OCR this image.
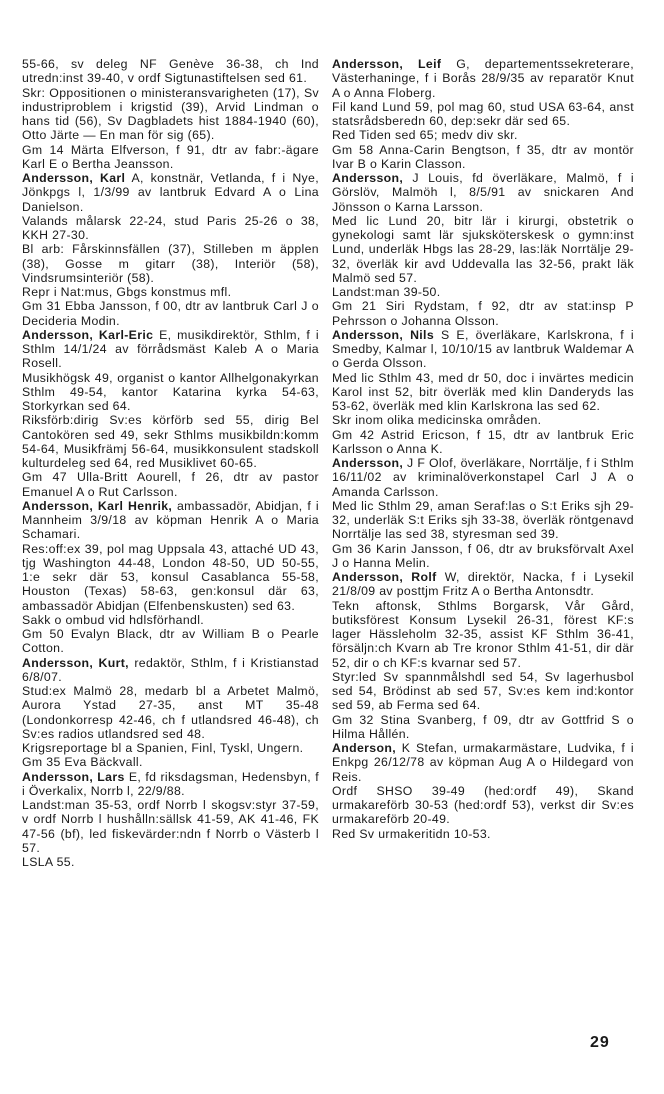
55-66, sv deleg NF Genève 36-38, ch Ind utredn:inst 39-40, v ordf Sigtunastiftelsen sed 61.

Skr: Oppositionen o ministeransvarigheten (17), Sv industriproblem i krigstid (39), Arvid Lindman o hans tid (56), Sv Dagbladets hist 1884-1940 (60), Otto Järte — En man för sig (65).

Gm 14 Märta Elfverson, f 91, dtr av fabr:-ägare Karl E o Bertha Jeansson.

Andersson, Karl A, konstnär, Vetlanda, f i Nye, Jönkpgs l, 1/3/99 av lantbruk Edvard A o Lina Danielson.

Valands målarsk 22-24, stud Paris 25-26 o 38, KKH 27-30.

Bl arb: Fårskinnsfällen (37), Stilleben m äpplen (38), Gosse m gitarr (38), Interiör (58), Vindsrumsinteriör (58).

Repr i Nat:mus, Gbgs konstmus mfl.

Gm 31 Ebba Jansson, f 00, dtr av lantbruk Carl J o Decideria Modin.

Andersson, Karl-Eric E, musikdirektör, Sthlm, f i Sthlm 14/1/24 av förrådsmäst Kaleb A o Maria Rosell.

Musikhögsk 49, organist o kantor Allhelgonakyrkan Sthlm 49-54, kantor Katarina kyrka 54-63, Storkyrkan sed 64.

Riksförb:dirig Sv:es körförb sed 55, dirig Bel Cantokören sed 49, sekr Sthlms musikbildn:komm 54-64, Musikfrämj 56-64, musikkonsulent stadskoll kulturdeleg sed 64, red Musiklivet 60-65.

Gm 47 Ulla-Britt Aourell, f 26, dtr av pastor Emanuel A o Rut Carlsson.

Andersson, Karl Henrik, ambassadör, Abidjan, f i Mannheim 3/9/18 av köpman Henrik A o Maria Schamari.

Res:off:ex 39, pol mag Uppsala 43, attaché UD 43, tjg Washington 44-48, London 48-50, UD 50-55, 1:e sekr där 53, konsul Casablanca 55-58, Houston (Texas) 58-63, gen:konsul där 63, ambassadör Abidjan (Elfenbenskusten) sed 63.

Sakk o ombud vid hdlsförhandl.

Gm 50 Evalyn Black, dtr av William B o Pearle Cotton.

Andersson, Kurt, redaktör, Sthlm, f i Kristianstad 6/8/07.

Stud:ex Malmö 28, medarb bl a Arbetet Malmö, Aurora Ystad 27-35, anst MT 35-48 (Londonkorresp 42-46, ch f utlandsred 46-48), ch Sv:es radios utlandsred sed 48.

Krigsreportage bl a Spanien, Finl, Tyskl, Ungern.

Gm 35 Eva Bäckvall.

Andersson, Lars E, fd riksdagsman, Hedensbyn, f i Överkalix, Norrb l, 22/9/88.

Landst:man 35-53, ordf Norrb l skogsv:styr 37-59, v ordf Norrb l hushålln:sällsk 41-59, AK 41-46, FK 47-56 (bf), led fiskevärder:ndn f Norrb o Västerb l 57.

LSLA 55.

Andersson, Leif G, departementssekreterare, Västerhaninge, f i Borås 28/9/35 av reparatör Knut A o Anna Floberg.

Fil kand Lund 59, pol mag 60, stud USA 63-64, anst statsrådsberedn 60, dep:sekr där sed 65.

Red Tiden sed 65; medv div skr.

Gm 58 Anna-Carin Bengtson, f 35, dtr av montör Ivar B o Karin Classon.

Andersson, J Louis, fd överläkare, Malmö, f i Görslöv, Malmöh l, 8/5/91 av snickaren And Jönsson o Karna Larsson.

Med lic Lund 20, bitr lär i kirurgi, obstetrik o gynekologi samt lär sjuksköterskesk o gymn:inst Lund, underläk Hbgs las 28-29, las:läk Norrtälje 29-32, överläk kir avd Uddevalla las 32-56, prakt läk Malmö sed 57.

Landst:man 39-50.

Gm 21 Siri Rydstam, f 92, dtr av stat:insp P Pehrsson o Johanna Olsson.

Andersson, Nils S E, överläkare, Karlskrona, f i Smedby, Kalmar l, 10/10/15 av lantbruk Waldemar A o Gerda Olsson.

Med lic Sthlm 43, med dr 50, doc i invärtes medicin Karol inst 52, bitr överläk med klin Danderyds las 53-62, överläk med klin Karlskrona las sed 62.

Skr inom olika medicinska områden.

Gm 42 Astrid Ericson, f 15, dtr av lantbruk Eric Karlsson o Anna K.

Andersson, J F Olof, överläkare, Norrtälje, f i Sthlm 16/11/02 av kriminalöverkonstapel Carl J A o Amanda Carlsson.

Med lic Sthlm 29, aman Seraf:las o S:t Eriks sjh 29-32, underläk S:t Eriks sjh 33-38, överläk röntgenavd Norrtälje las sed 38, styresman sed 39.

Gm 36 Karin Jansson, f 06, dtr av bruksförvalt Axel J o Hanna Melin.

Andersson, Rolf W, direktör, Nacka, f i Lysekil 21/8/09 av posttjm Fritz A o Bertha Antonsdtr.

Tekn aftonsk, Sthlms Borgarsk, Vår Gård, butiksförest Konsum Lysekil 26-31, förest KF:s lager Hässleholm 32-35, assist KF Sthlm 36-41, försäljn:ch Kvarn ab Tre kronor Sthlm 41-51, dir där 52, dir o ch KF:s kvarnar sed 57.

Styr:led Sv spannmålshdl sed 54, Sv lagerhusbol sed 54, Brödinst ab sed 57, Sv:es kem ind:kontor sed 59, ab Ferma sed 64.

Gm 32 Stina Svanberg, f 09, dtr av Gottfrid S o Hilma Hållén.

Anderson, K Stefan, urmakarmästare, Ludvika, f i Enkpg 26/12/78 av köpman Aug A o Hildegard von Reis.

Ordf SHSO 39-49 (hed:ordf 49), Skand urmakareförb 30-53 (hed:ordf 53), verkst dir Sv:es urmakareförb 20-49.

Red Sv urmakeritidn 10-53.

29
